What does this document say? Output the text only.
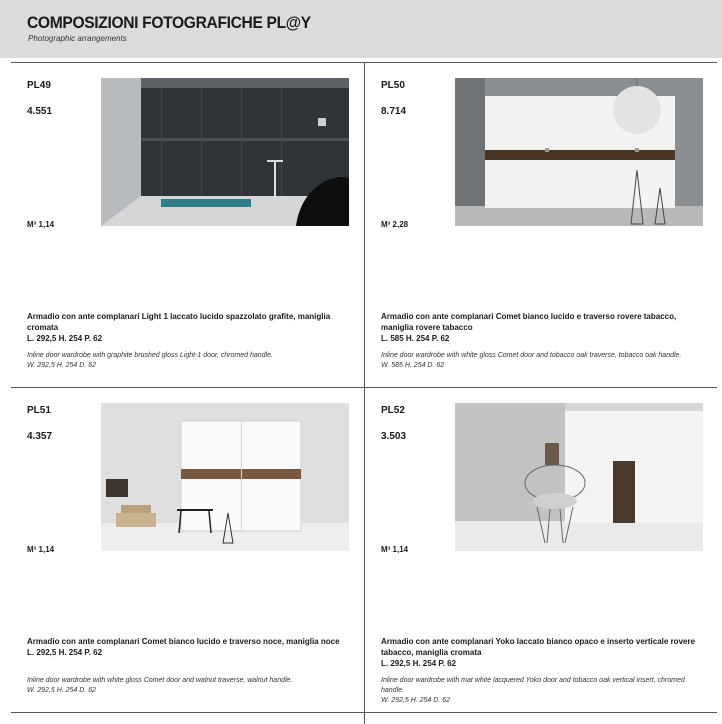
COMPOSIZIONI FOTOGRAFICHE PL@Y
Photographic arrangements
PL49
4.551
M³ 1,14
Armadio con ante complanari Light 1 laccato lucido spazzolato grafite, maniglia cromata
L. 292,5 H. 254 P. 62
Inline door wardrobe with graphite brushed gloss Light-1 door, chromed handle.
W. 292,5 H. 254 D. 62
PL50
8.714
M³ 2,28
Armadio con ante complanari Comet bianco lucido e traverso rovere tabacco, maniglia rovere tabacco
L. 585 H. 254 P. 62
Inline door wardrobe with white gloss Comet door and tobacco oak traverse, tobacco oak handle.
W. 585 H. 254 D. 62
PL51
4.357
M³ 1,14
Armadio con ante complanari Comet bianco lucido e traverso noce, maniglia noce
L. 292,5 H. 254 P. 62
Inline door wardrobe with white gloss Comet door and walnut traverse, walnut handle.
W. 292,5 H. 254 D. 62
PL52
3.503
M³ 1,14
Armadio con ante complanari Yoko laccato bianco opaco e inserto verticale rovere tabacco, maniglia cromata
L. 292,5 H. 254 P. 62
Inline door wardrobe with mat white lacquered Yoko door and tobacco oak vertical insert, chromed handle.
W. 292,5 H. 254 D. 62
